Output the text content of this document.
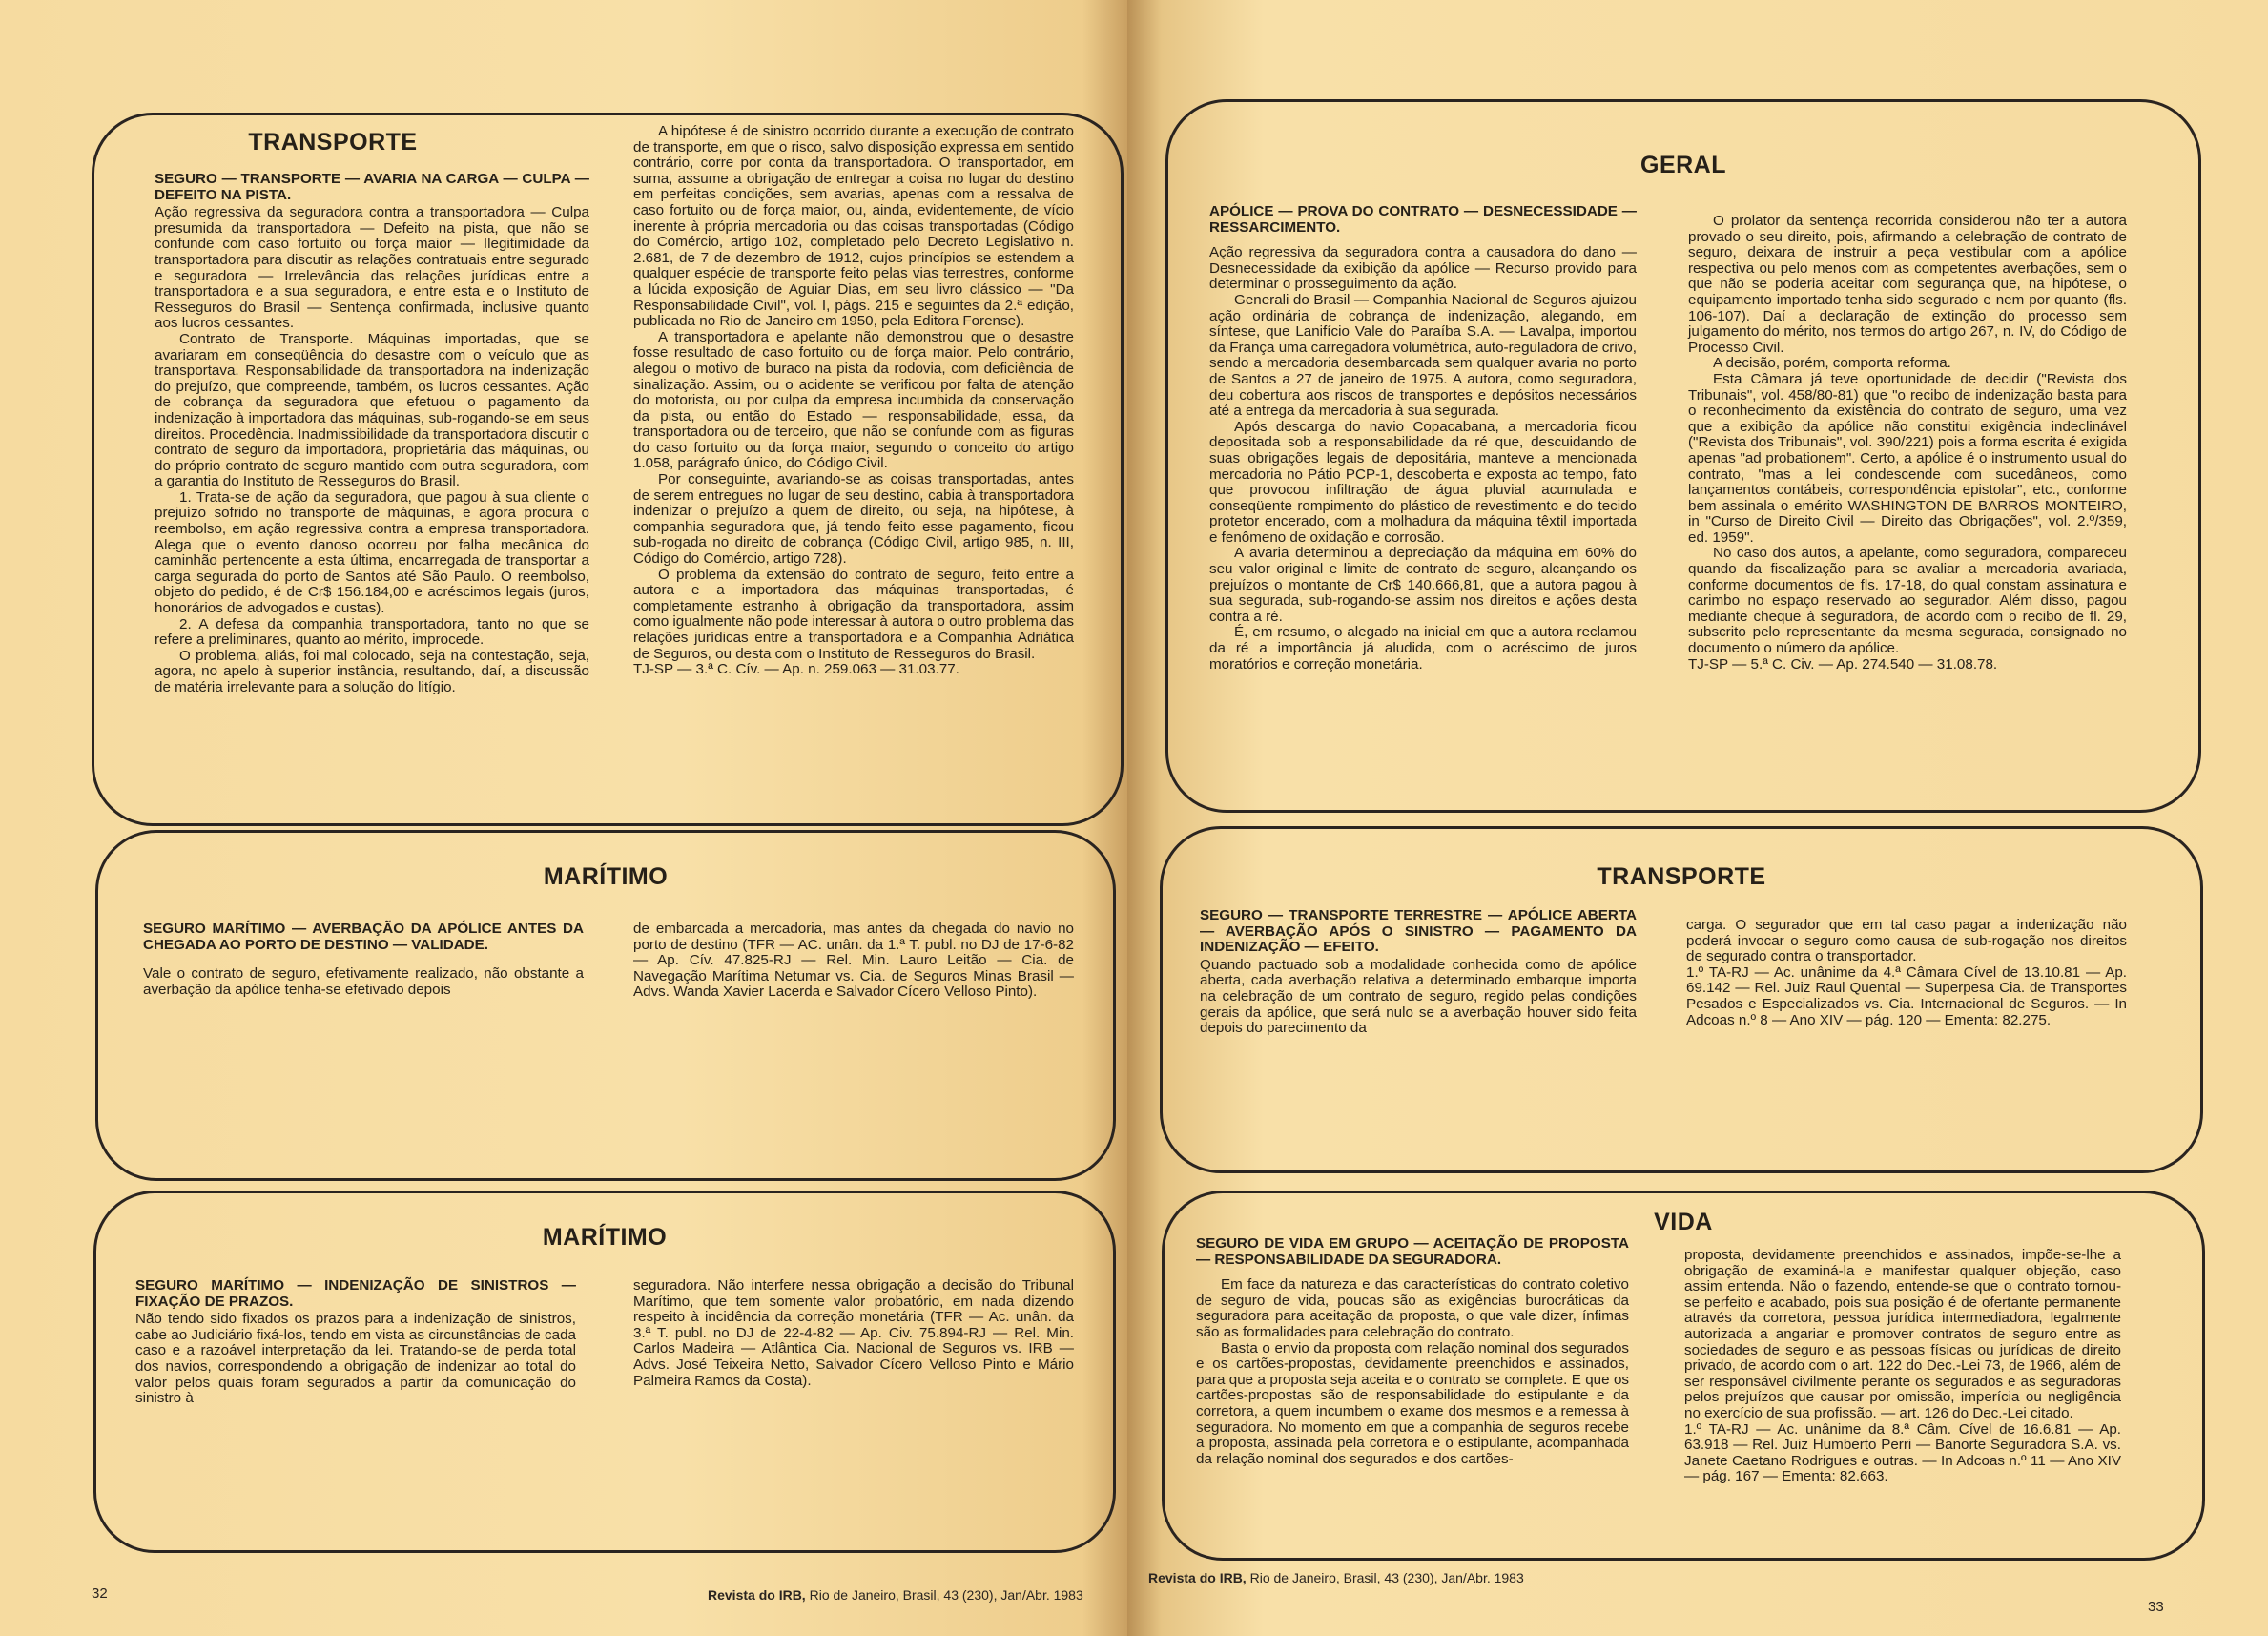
TRANSPORTE
SEGURO — TRANSPORTE — AVARIA NA CARGA — CULPA — DEFEITO NA PISTA.

Ação regressiva da seguradora contra a transportadora — Culpa presumida da transportadora — Defeito na pista, que não se confunde com caso fortuito ou força maior — Ilegitimidade da transportadora para discutir as relações contratuais entre segurado e seguradora — Irrelevância das relações jurídicas entre a transportadora e a sua seguradora, e entre esta e o Instituto de Resseguros do Brasil — Sentença confirmada, inclusive quanto aos lucros cessantes.

Contrato de Transporte. Máquinas importadas, que se avariaram em conseqüência do desastre com o veículo que as transportava. Responsabilidade da transportadora na indenização do prejuízo, que compreende, também, os lucros cessantes. Ação de cobrança da seguradora que efetuou o pagamento da indenização à importadora das máquinas, sub-rogando-se em seus direitos. Procedência. Inadmissibilidade da transportadora discutir o contrato de seguro da importadora, proprietária das máquinas, ou do próprio contrato de seguro mantido com outra seguradora, com a garantia do Instituto de Resseguros do Brasil.

1. Trata-se de ação da seguradora, que pagou à sua cliente o prejuízo sofrido no transporte de máquinas, e agora procura o reembolso, em ação regressiva contra a empresa transportadora. Alega que o evento danoso ocorreu por falha mecânica do caminhão pertencente a esta última, encarregada de transportar a carga segurada do porto de Santos até São Paulo. O reembolso, objeto do pedido, é de Cr$ 156.184,00 e acréscimos legais (juros, honorários de advogados e custas).

2. A defesa da companhia transportadora, tanto no que se refere a preliminares, quanto ao mérito, improcede.

O problema, aliás, foi mal colocado, seja na contestação, seja, agora, no apelo à superior instância, resultando, daí, a discussão de matéria irrelevante para a solução do litígio.

A hipótese é de sinistro ocorrido durante a execução de contrato de transporte, em que o risco, salvo disposição expressa em sentido contrário, corre por conta da transportadora. O transportador, em suma, assume a obrigação de entregar a coisa no lugar do destino em perfeitas condições, sem avarias, apenas com a ressalva de caso fortuito ou de força maior, ou, ainda, evidentemente, de vício inerente à própria mercadoria ou das coisas transportadas (Código do Comércio, artigo 102, completado pelo Decreto Legislativo n. 2.681, de 7 de dezembro de 1912, cujos princípios se estendem a qualquer espécie de transporte feito pelas vias terrestres, conforme a lúcida exposição de Aguiar Dias, em seu livro clássico — "Da Responsabilidade Civil", vol. I, págs. 215 e seguintes da 2.ª edição, publicada no Rio de Janeiro em 1950, pela Editora Forense).

A transportadora e apelante não demonstrou que o desastre fosse resultado de caso fortuito ou de força maior. Pelo contrário, alegou o motivo de buraco na pista da rodovia, com deficiência de sinalização. Assim, ou o acidente se verificou por falta de atenção do motorista, ou por culpa da empresa incumbida da conservação da pista, ou então do Estado — responsabilidade, essa, da transportadora ou de terceiro, que não se confunde com as figuras do caso fortuito ou da força maior, segundo o conceito do artigo 1.058, parágrafo único, do Código Civil.

Por conseguinte, avariando-se as coisas transportadas, antes de serem entregues no lugar de seu destino, cabia à transportadora indenizar o prejuízo a quem de direito, ou seja, na hipótese, à companhia seguradora que, já tendo feito esse pagamento, ficou sub-rogada no direito de cobrança (Código Civil, artigo 985, n. III, Código do Comércio, artigo 728).

O problema da extensão do contrato de seguro, feito entre a autora e a importadora das máquinas transportadas, é completamente estranho à obrigação da transportadora, assim como igualmente não pode interessar à autora o outro problema das relações jurídicas entre a transportadora e a Companhia Adriática de Seguros, ou desta com o Instituto de Resseguros do Brasil.

TJ-SP — 3.ª C. Cív. — Ap. n. 259.063 — 31.03.77.

MARÍTIMO
SEGURO MARÍTIMO — AVERBAÇÃO DA APÓLICE ANTES DA CHEGADA AO PORTO DE DESTINO — VALIDADE.

Vale o contrato de seguro, efetivamente realizado, não obstante a averbação da apólice tenha-se efetivado depois

de embarcada a mercadoria, mas antes da chegada do navio no porto de destino (TFR — AC. unân. da 1.ª T. publ. no DJ de 17-6-82 — Ap. Cív. 47.825-RJ — Rel. Min. Lauro Leitão — Cia. de Navegação Marítima Netumar vs. Cia. de Seguros Minas Brasil — Advs. Wanda Xavier Lacerda e Salvador Cícero Velloso Pinto).

MARÍTIMO
SEGURO MARÍTIMO — INDENIZAÇÃO DE SINISTROS — FIXAÇÃO DE PRAZOS.

Não tendo sido fixados os prazos para a indenização de sinistros, cabe ao Judiciário fixá-los, tendo em vista as circunstâncias de cada caso e a razoável interpretação da lei. Tratando-se de perda total dos navios, correspondendo a obrigação de indenizar ao total do valor pelos quais foram segurados a partir da comunicação do sinistro à

seguradora. Não interfere nessa obrigação a decisão do Tribunal Marítimo, que tem somente valor probatório, em nada dizendo respeito à incidência da correção monetária (TFR — Ac. unân. da 3.ª T. publ. no DJ de 22-4-82 — Ap. Civ. 75.894-RJ — Rel. Min. Carlos Madeira — Atlântica Cia. Nacional de Seguros vs. IRB — Advs. José Teixeira Netto, Salvador Cícero Velloso Pinto e Mário Palmeira Ramos da Costa).

32	Revista do IRB, Rio de Janeiro, Brasil, 43 (230), Jan/Abr. 1983
GERAL
APÓLICE — PROVA DO CONTRATO — DESNECESSIDADE — RESSARCIMENTO.

Ação regressiva da seguradora contra a causadora do dano — Desnecessidade da exibição da apólice — Recurso provido para determinar o prosseguimento da ação.

Generali do Brasil — Companhia Nacional de Seguros ajuizou ação ordinária de cobrança de indenização, alegando, em síntese, que Lanifício Vale do Paraíba S.A. — Lavalpa, importou da França uma carregadora volumétrica, auto-reguladora de crivo, sendo a mercadoria desembarcada sem qualquer avaria no porto de Santos a 27 de janeiro de 1975. A autora, como seguradora, deu cobertura aos riscos de transportes e depósitos necessários até a entrega da mercadoria à sua segurada.

Após descarga do navio Copacabana, a mercadoria ficou depositada sob a responsabilidade da ré que, descuidando de suas obrigações legais de depositária, manteve a mencionada mercadoria no Pátio PCP-1, descoberta e exposta ao tempo, fato que provocou infiltração de água pluvial acumulada e conseqüente rompimento do plástico de revestimento e do tecido protetor encerado, com a molhadura da máquina têxtil importada e fenômeno de oxidação e corrosão.

A avaria determinou a depreciação da máquina em 60% do seu valor original e limite de contrato de seguro, alcançando os prejuízos o montante de Cr$ 140.666,81, que a autora pagou à sua segurada, sub-rogando-se assim nos direitos e ações desta contra a ré.

É, em resumo, o alegado na inicial em que a autora reclamou da ré a importância já aludida, com o acréscimo de juros moratórios e correção monetária.

O prolator da sentença recorrida considerou não ter a autora provado o seu direito, pois, afirmando a celebração de contrato de seguro, deixara de instruir a peça vestibular com a apólice respectiva ou pelo menos com as competentes averbações, sem o que não se poderia aceitar com segurança que, na hipótese, o equipamento importado tenha sido segurado e nem por quanto (fls. 106-107). Daí a declaração de extinção do processo sem julgamento do mérito, nos termos do artigo 267, n. IV, do Código de Processo Civil.

A decisão, porém, comporta reforma.

Esta Câmara já teve oportunidade de decidir ("Revista dos Tribunais", vol. 458/80-81) que "o recibo de indenização basta para o reconhecimento da existência do contrato de seguro, uma vez que a exibição da apólice não constitui exigência indeclinável ("Revista dos Tribunais", vol. 390/221) pois a forma escrita é exigida apenas "ad probationem". Certo, a apólice é o instrumento usual do contrato, "mas a lei condescende com sucedâneos, como lançamentos contábeis, correspondência epistolar", etc., conforme bem assinala o emérito WASHINGTON DE BARROS MONTEIRO, in "Curso de Direito Civil — Direito das Obrigações", vol. 2.º/359, ed. 1959".

No caso dos autos, a apelante, como seguradora, compareceu quando da fiscalização para se avaliar a mercadoria avariada, conforme documentos de fls. 17-18, do qual constam assinatura e carimbo no espaço reservado ao segurador. Além disso, pagou mediante cheque à seguradora, de acordo com o recibo de fl. 29, subscrito pelo representante da mesma segurada, consignado no documento o número da apólice.

TJ-SP — 5.ª C. Civ. — Ap. 274.540 — 31.08.78.

TRANSPORTE
SEGURO — TRANSPORTE TERRESTRE — APÓLICE ABERTA — AVERBAÇÃO APÓS O SINISTRO — PAGAMENTO DA INDENIZAÇÃO — EFEITO.

Quando pactuado sob a modalidade conhecida como de apólice aberta, cada averbação relativa a determinado embarque importa na celebração de um contrato de seguro, regido pelas condições gerais da apólice, que será nulo se a averbação houver sido feita depois do parecimento da

carga. O segurador que em tal caso pagar a indenização não poderá invocar o seguro como causa de sub-rogação nos direitos de segurado contra o transportador.

1.º TA-RJ — Ac. unânime da 4.ª Câmara Cível de 13.10.81 — Ap. 69.142 — Rel. Juiz Raul Quental — Superpesa Cia. de Transportes Pesados e Especializados vs. Cia. Internacional de Seguros. — In Adcoas n.º 8 — Ano XIV — pág. 120 — Ementa: 82.275.

VIDA
SEGURO DE VIDA EM GRUPO — ACEITAÇÃO DE PROPOSTA — RESPONSABILIDADE DA SEGURADORA.

Em face da natureza e das características do contrato coletivo de seguro de vida, poucas são as exigências burocráticas da seguradora para aceitação da proposta, o que vale dizer, ínfimas são as formalidades para celebração do contrato.

Basta o envio da proposta com relação nominal dos segurados e os cartões-propostas, devidamente preenchidos e assinados, para que a proposta seja aceita e o contrato se complete. E que os cartões-propostas são de responsabilidade do estipulante e da corretora, a quem incumbem o exame dos mesmos e a remessa à seguradora. No momento em que a companhia de seguros recebe a proposta, assinada pela corretora e o estipulante, acompanhada da relação nominal dos segurados e dos cartões-

proposta, devidamente preenchidos e assinados, impõe-se-lhe a obrigação de examiná-la e manifestar qualquer objeção, caso assim entenda. Não o fazendo, entende-se que o contrato tornou-se perfeito e acabado, pois sua posição é de ofertante permanente através da corretora, pessoa jurídica intermediadora, legalmente autorizada a angariar e promover contratos de seguro entre as sociedades de seguro e as pessoas físicas ou jurídicas de direito privado, de acordo com o art. 122 do Dec.-Lei 73, de 1966, além de ser responsável civilmente perante os segurados e as seguradoras pelos prejuízos que causar por omissão, imperícia ou negligência no exercício de sua profissão. — art. 126 do Dec.-Lei citado.

1.º TA-RJ — Ac. unânime da 8.ª Câm. Cível de 16.6.81 — Ap. 63.918 — Rel. Juiz Humberto Perri — Banorte Seguradora S.A. vs. Janete Caetano Rodrigues e outras. — In Adcoas n.º 11 — Ano XIV — pág. 167 — Ementa: 82.663.

Revista do IRB, Rio de Janeiro, Brasil, 43 (230), Jan/Abr. 1983
33
